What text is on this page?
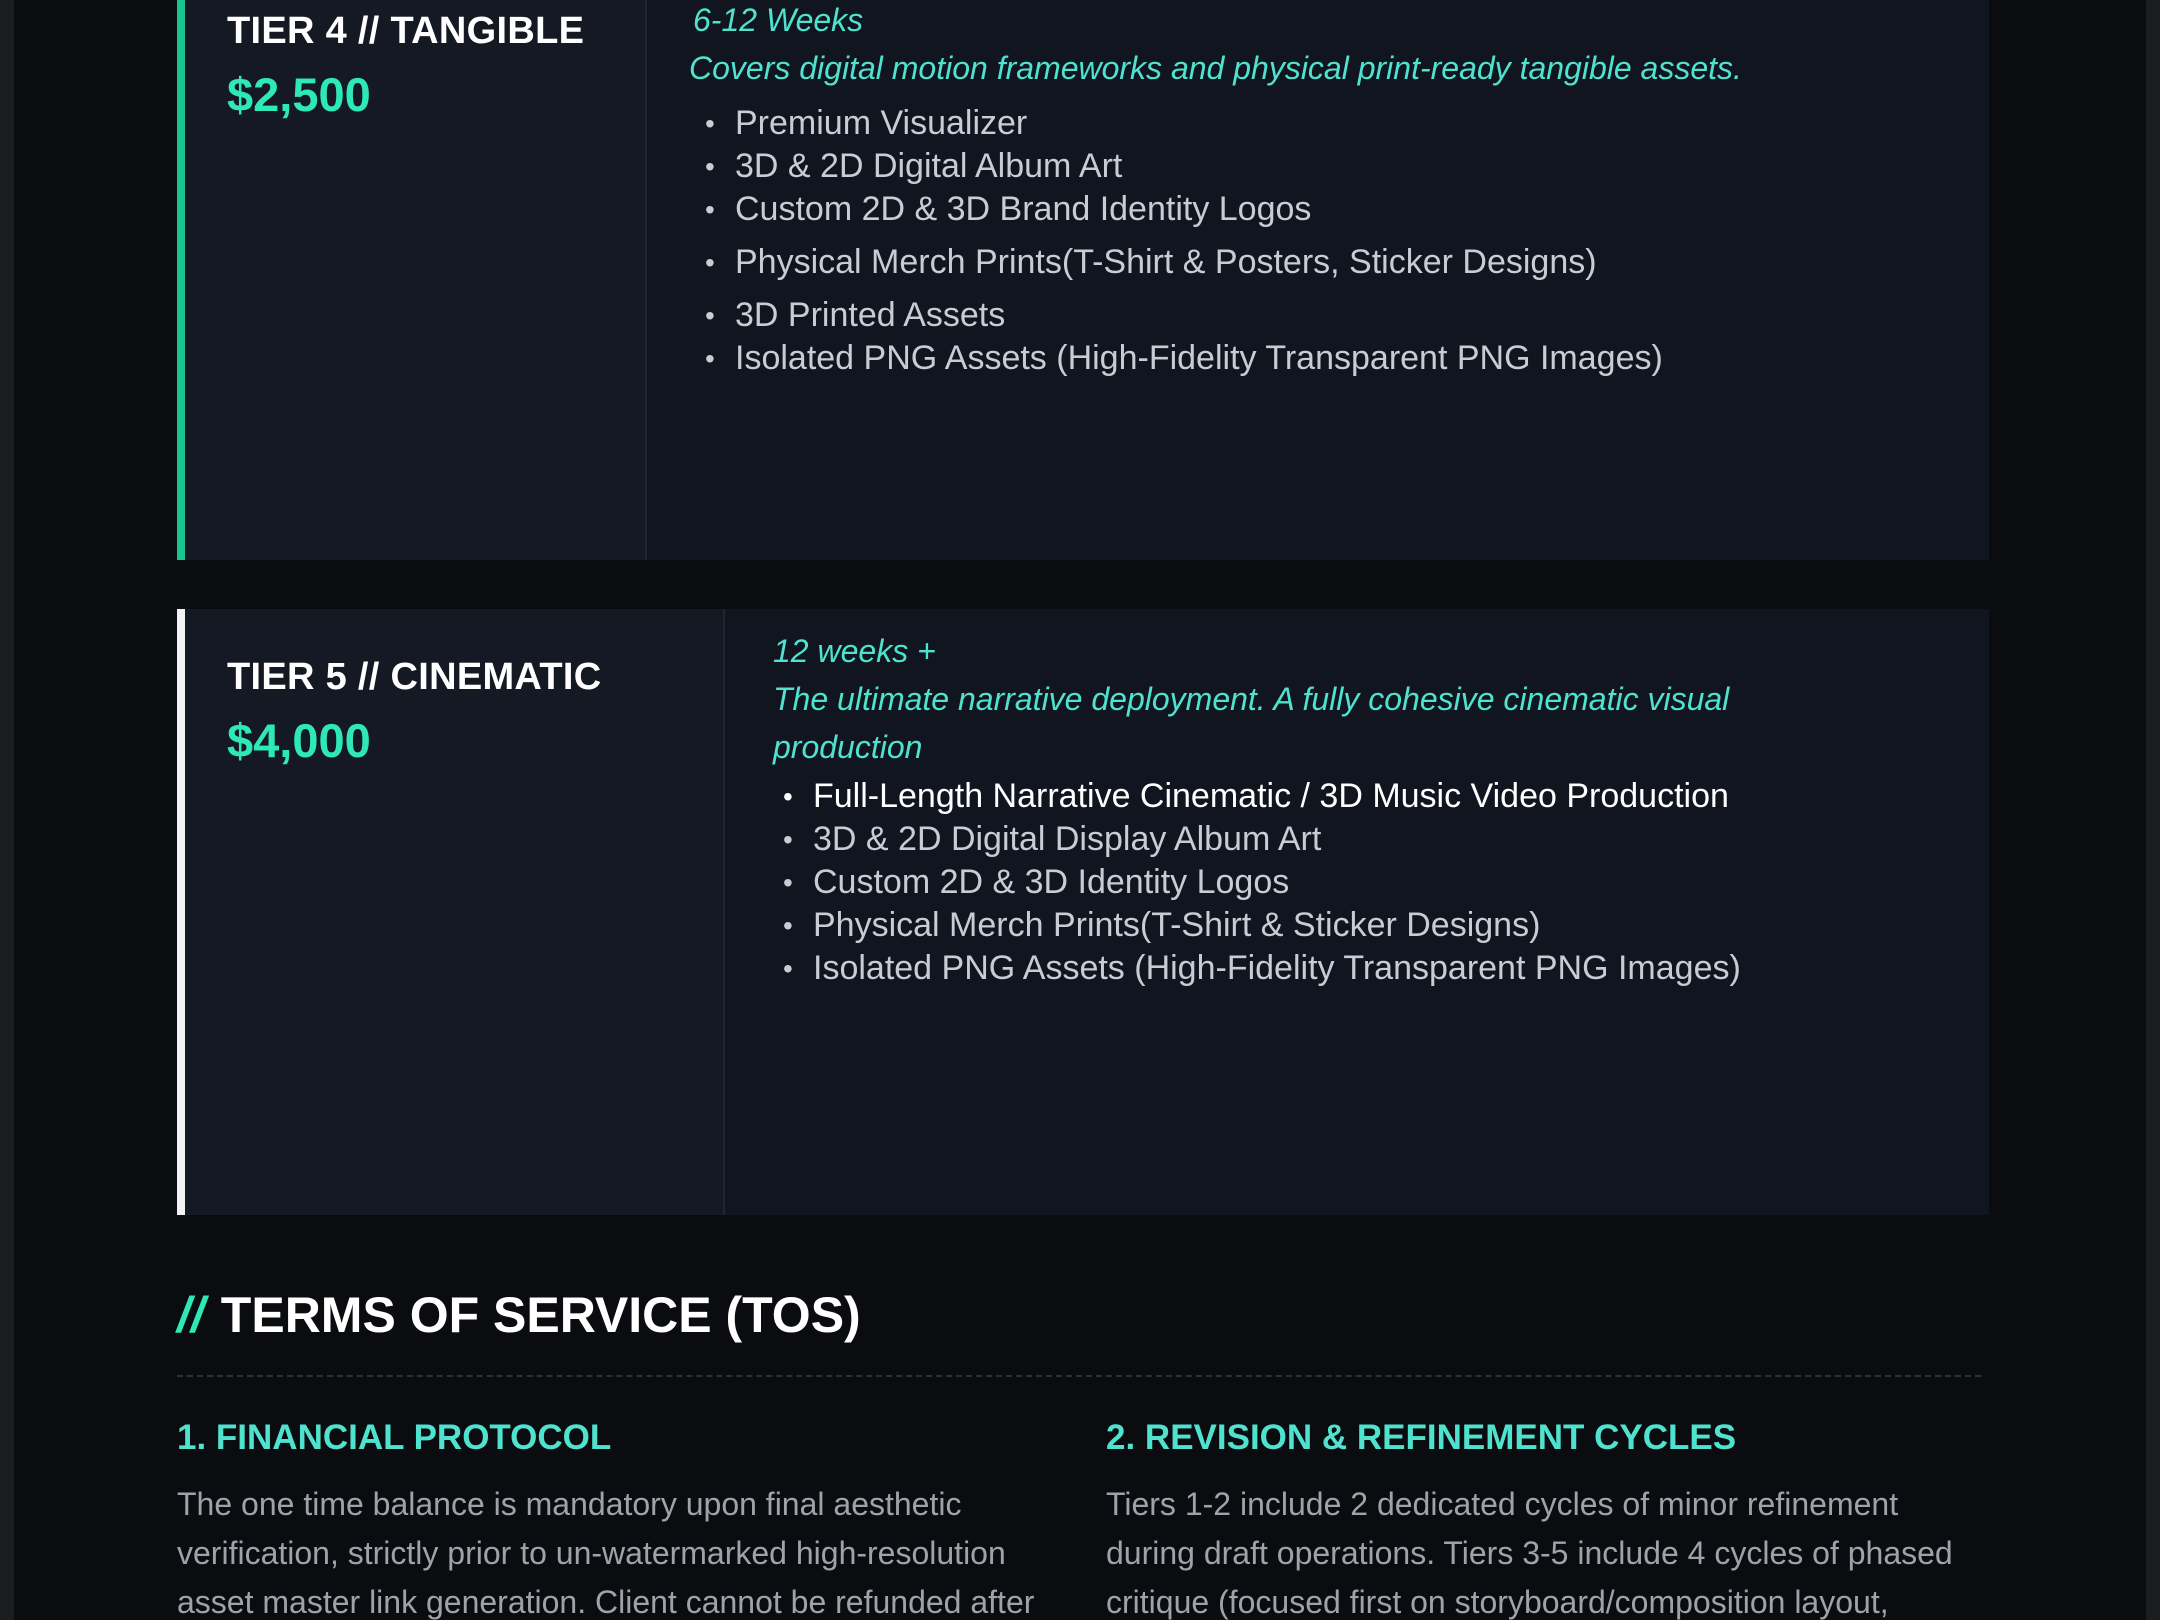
TIER 4 // TANGIBLE
$2,500
6-12 Weeks
Covers digital motion frameworks and physical print-ready tangible assets.
• Premium Visualizer
• 3D & 2D Digital Album Art
• Custom 2D & 3D Brand Identity Logos
• Physical Merch Prints(T-Shirt & Posters, Sticker Designs)
• 3D Printed Assets
• Isolated PNG Assets (High-Fidelity Transparent PNG Images)
TIER 5 // CINEMATIC
$4,000
12 weeks +
The ultimate narrative deployment. A fully cohesive cinematic visual production
• Full-Length Narrative Cinematic / 3D Music Video Production
• 3D & 2D Digital Display Album Art
• Custom 2D & 3D Identity Logos
• Physical Merch Prints(T-Shirt & Sticker Designs)
• Isolated PNG Assets (High-Fidelity Transparent PNG Images)
// TERMS OF SERVICE (TOS)
1. FINANCIAL PROTOCOL

The one time balance is mandatory upon final aesthetic verification, strictly prior to un-watermarked high-resolution asset master link generation. Client cannot be refunded after

2. REVISION & REFINEMENT CYCLES

Tiers 1-2 include 2 dedicated cycles of minor refinement during draft operations. Tiers 3-5 include 4 cycles of phased critique (focused first on storyboard/composition layout,
